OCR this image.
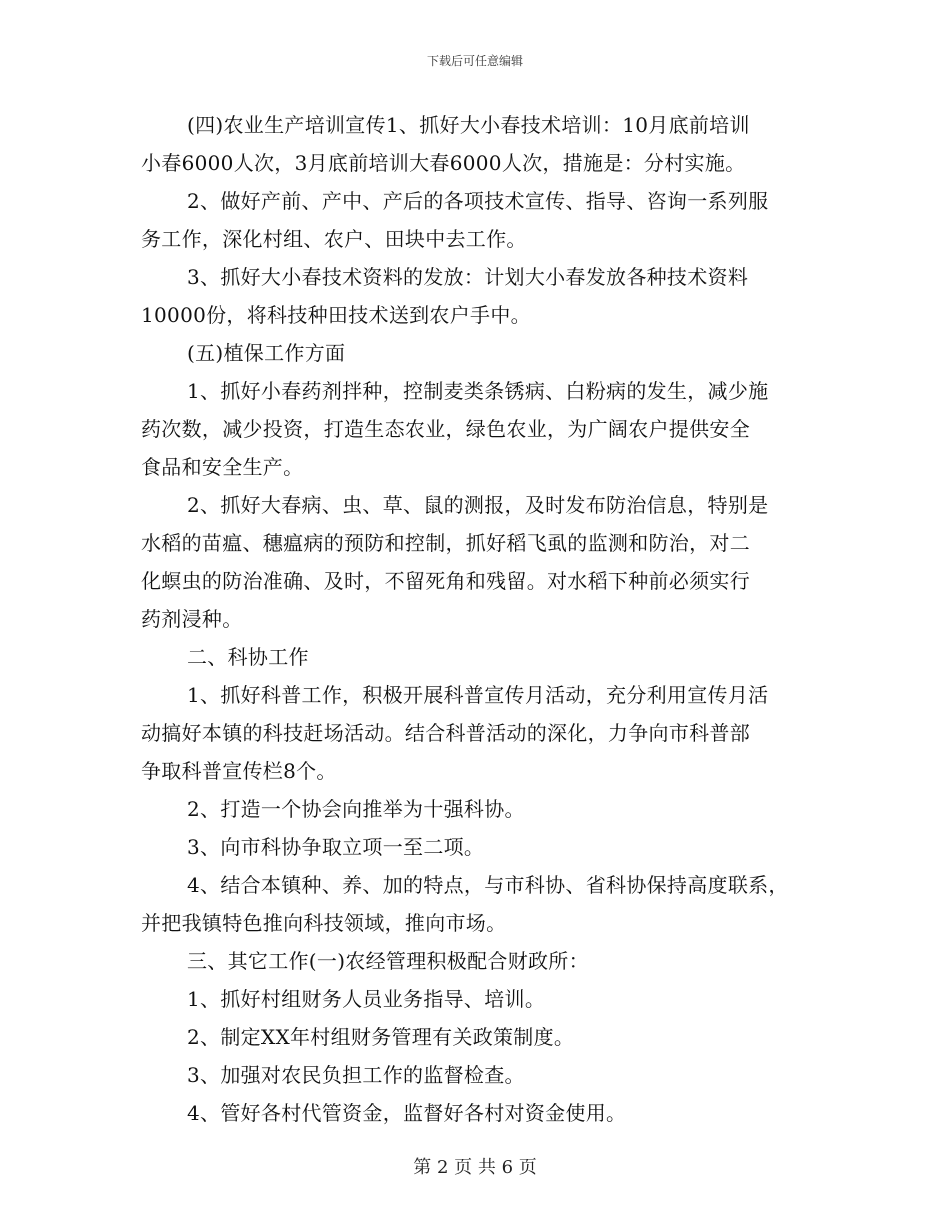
下载后可任意编辑

(四)农业生产培训宣传1、抓好大小春技术培训：10月底前培训
小春6000人次，3月底前培训大春6000人次，措施是：分村实施。

2、做好产前、产中、产后的各项技术宣传、指导、咨询一系列服
务工作，深化村组、农户、田块中去工作。

3、抓好大小春技术资料的发放：计划大小春发放各种技术资料
10000份，将科技种田技术送到农户手中。

(五)植保工作方面

1、抓好小春药剂拌种，控制麦类条锈病、白粉病的发生，减少施
药次数，减少投资，打造生态农业，绿色农业，为广阔农户提供安全
食品和安全生产。

2、抓好大春病、虫、草、鼠的测报，及时发布防治信息，特别是
水稻的苗瘟、穗瘟病的预防和控制，抓好稻飞虱的监测和防治，对二
化螟虫的防治准确、及时，不留死角和残留。对水稻下种前必须实行
药剂浸种。

二、科协工作

1、抓好科普工作，积极开展科普宣传月活动，充分利用宣传月活
动搞好本镇的科技赶场活动。结合科普活动的深化，力争向市科普部
争取科普宣传栏8个。

2、打造一个协会向推举为十强科协。

3、向市科协争取立项一至二项。

4、结合本镇种、养、加的特点，与市科协、省科协保持高度联系，
并把我镇特色推向科技领域，推向市场。

三、其它工作(一)农经管理积极配合财政所：

1、抓好村组财务人员业务指导、培训。

2、制定XX年村组财务管理有关政策制度。

3、加强对农民负担工作的监督检查。

4、管好各村代管资金，监督好各村对资金使用。

第 2 页 共 6 页
